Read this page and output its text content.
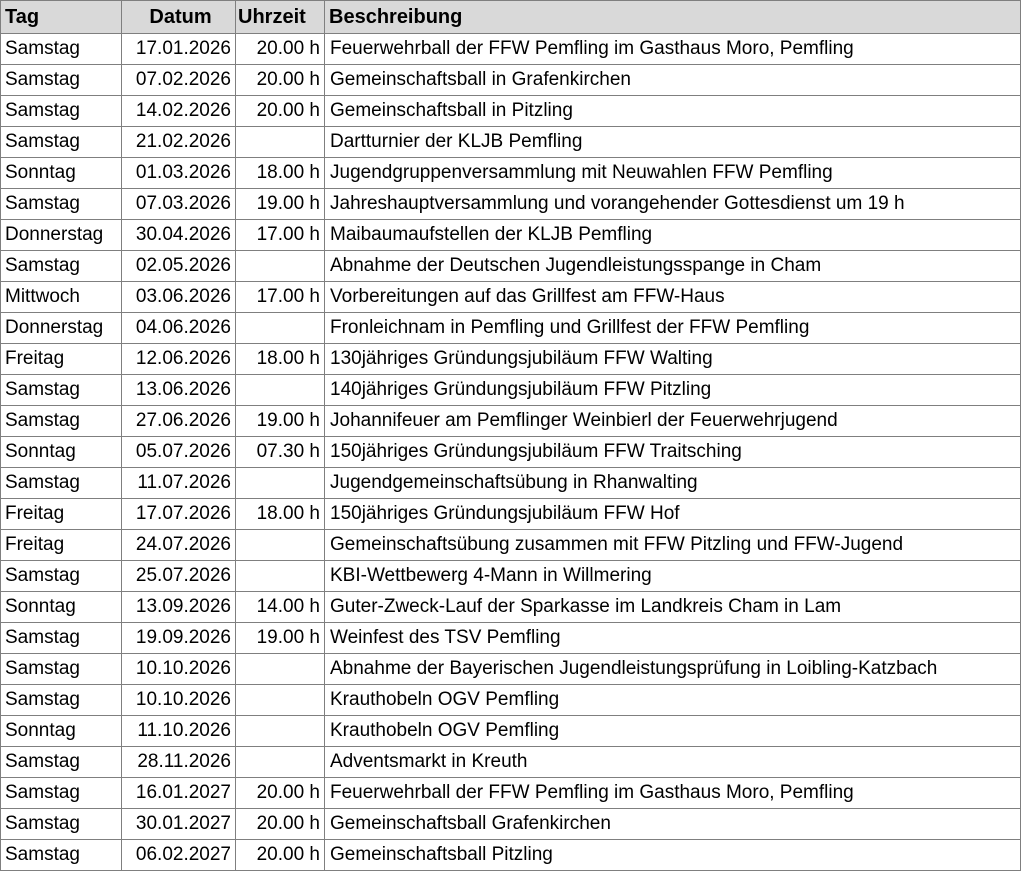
Tag	Datum	Uhrzeit	Beschreibung
Samstag	17.01.2026	20.00 h	Feuerwehrball der FFW Pemfling im Gasthaus Moro, Pemfling
Samstag	07.02.2026	20.00 h	Gemeinschaftsball in Grafenkirchen
Samstag	14.02.2026	20.00 h	Gemeinschaftsball in Pitzling
Samstag	21.02.2026		Dartturnier der KLJB Pemfling
Sonntag	01.03.2026	18.00 h	Jugendgruppenversammlung mit Neuwahlen FFW Pemfling
Samstag	07.03.2026	19.00 h	Jahreshauptversammlung und vorangehender Gottesdienst um 19 h
Donnerstag	30.04.2026	17.00 h	Maibaumaufstellen der KLJB Pemfling
Samstag	02.05.2026		Abnahme der Deutschen Jugendleistungsspange in Cham
Mittwoch	03.06.2026	17.00 h	Vorbereitungen auf das Grillfest am FFW-Haus
Donnerstag	04.06.2026		Fronleichnam in Pemfling und Grillfest der FFW Pemfling
Freitag	12.06.2026	18.00 h	130jähriges Gründungsjubiläum FFW Walting
Samstag	13.06.2026		140jähriges Gründungsjubiläum FFW Pitzling
Samstag	27.06.2026	19.00 h	Johannifeuer am Pemflinger Weinbierl der Feuerwehrjugend
Sonntag	05.07.2026	07.30 h	150jähriges Gründungsjubiläum FFW Traitsching
Samstag	11.07.2026		Jugendgemeinschaftsübung in Rhanwalting
Freitag	17.07.2026	18.00 h	150jähriges Gründungsjubiläum FFW Hof
Freitag	24.07.2026		Gemeinschaftsübung zusammen mit FFW Pitzling und FFW-Jugend
Samstag	25.07.2026		KBI-Wettbewerg 4-Mann in Willmering
Sonntag	13.09.2026	14.00 h	Guter-Zweck-Lauf der Sparkasse im Landkreis Cham in Lam
Samstag	19.09.2026	19.00 h	Weinfest des TSV Pemfling
Samstag	10.10.2026		Abnahme der Bayerischen Jugendleistungsprüfung in Loibling-Katzbach
Samstag	10.10.2026		Krauthobeln OGV Pemfling
Sonntag	11.10.2026		Krauthobeln OGV Pemfling
Samstag	28.11.2026		Adventsmarkt in Kreuth
Samstag	16.01.2027	20.00 h	Feuerwehrball der FFW Pemfling im Gasthaus Moro, Pemfling
Samstag	30.01.2027	20.00 h	Gemeinschaftsball Grafenkirchen
Samstag	06.02.2027	20.00 h	Gemeinschaftsball Pitzling
